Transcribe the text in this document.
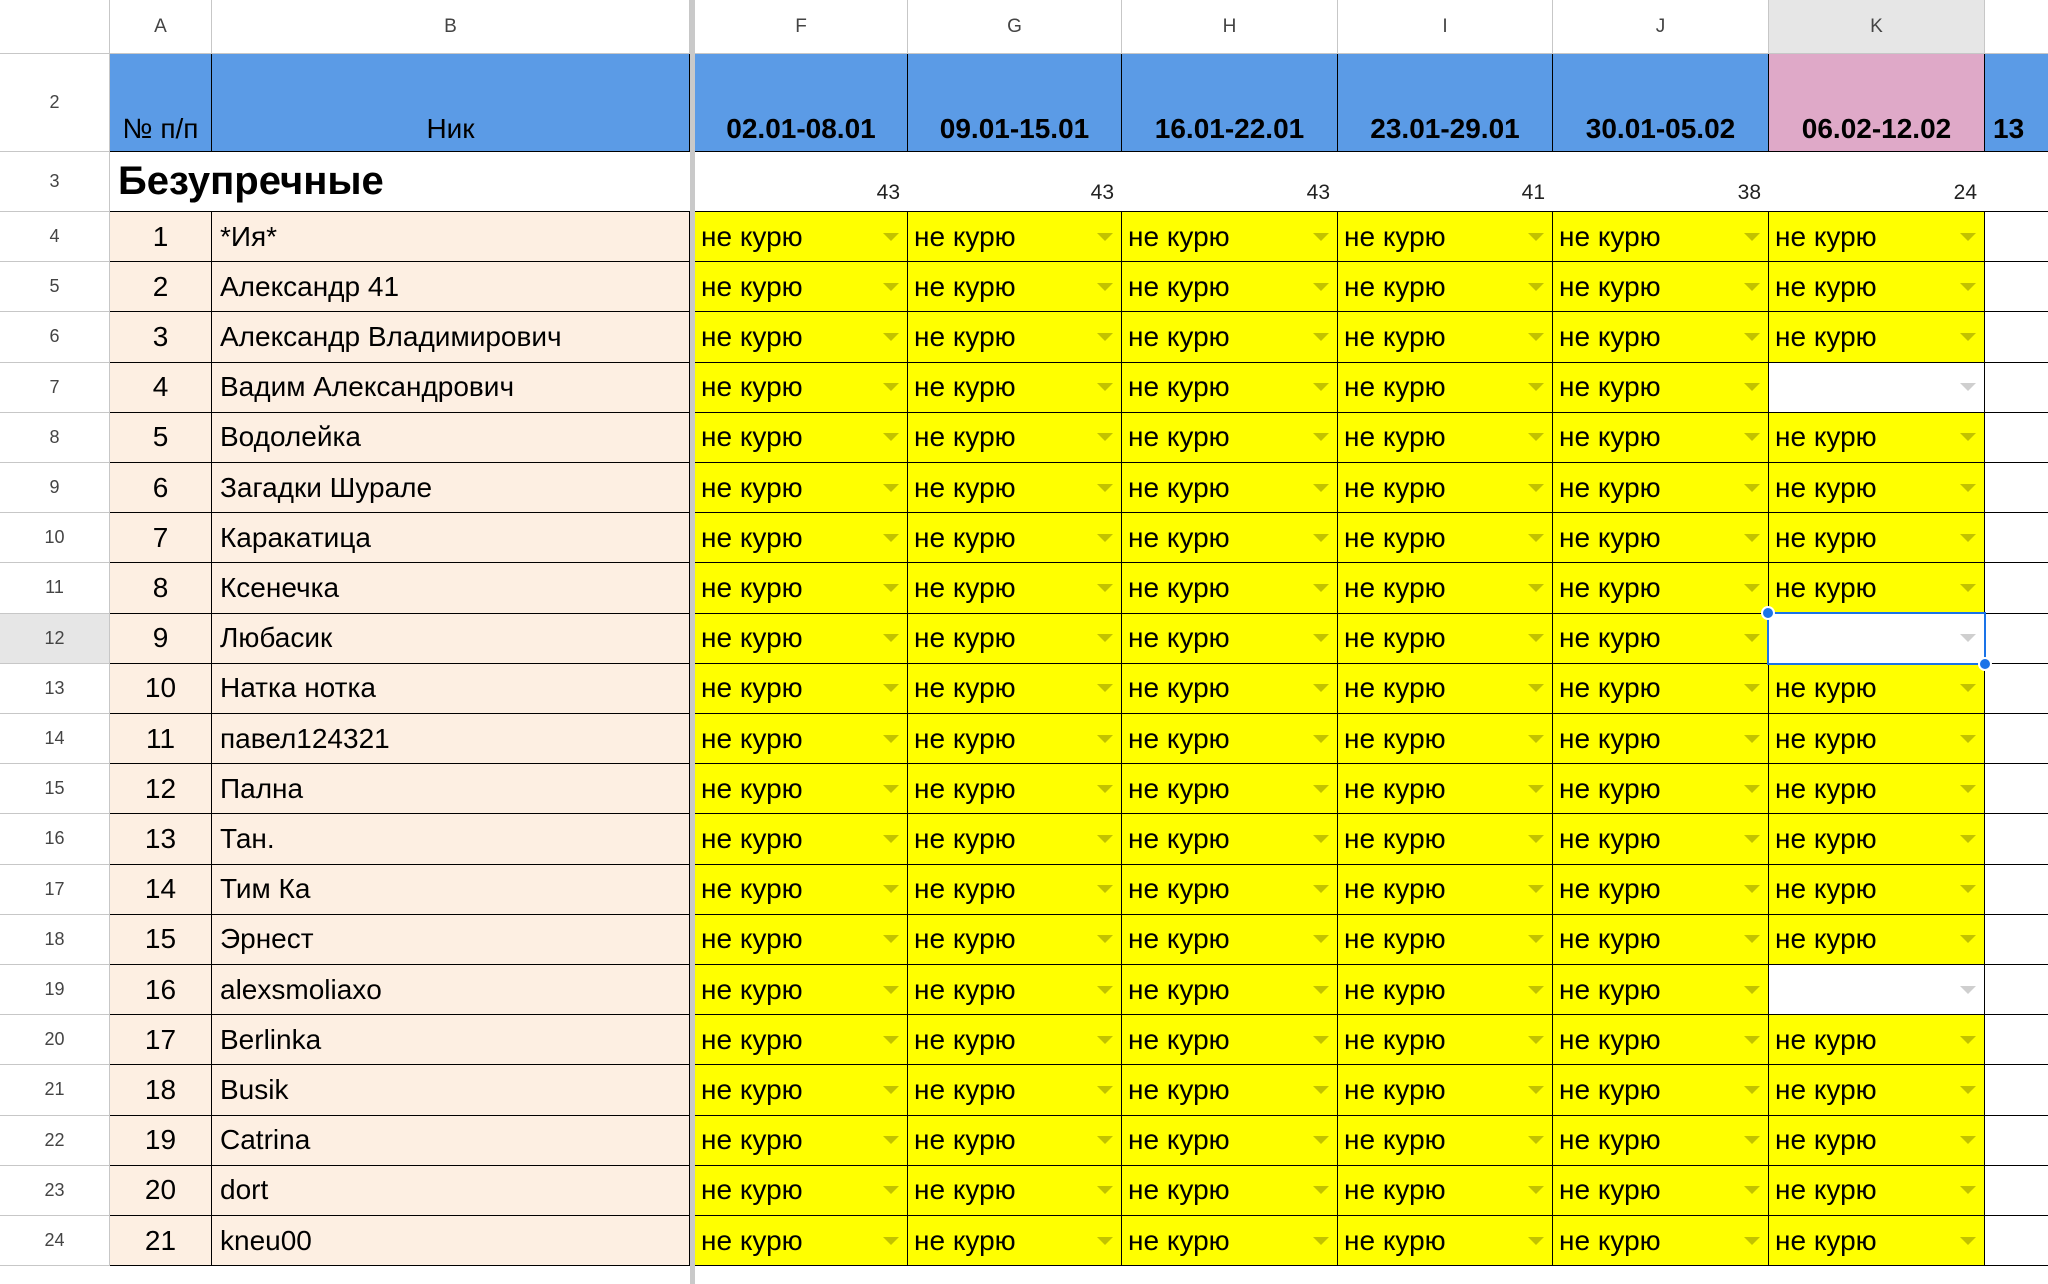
A	B	F	G	H	I	J	K
2
№ п/п	Ник	02.01-08.01	09.01-15.01	16.01-22.01	23.01-29.01	30.01-05.02	06.02-12.02	13
3	Безупречные	43	43	43	41	38	24
4	1	*Ия*	не курю	не курю	не курю	не курю	не курю	не курю
5	2	Александр 41	не курю	не курю	не курю	не курю	не курю	не курю
6	3	Александр Владимирович	не курю	не курю	не курю	не курю	не курю	не курю
7	4	Вадим Александрович	не курю	не курю	не курю	не курю	не курю
8	5	Водолейка	не курю	не курю	не курю	не курю	не курю	не курю
9	6	Загадки Шурале	не курю	не курю	не курю	не курю	не курю	не курю
10	7	Каракатица	не курю	не курю	не курю	не курю	не курю	не курю
11	8	Ксенечка	не курю	не курю	не курю	не курю	не курю	не курю
12	9	Любасик	не курю	не курю	не курю	не курю	не курю
13	10	Натка нотка	не курю	не курю	не курю	не курю	не курю	не курю
14	11	павел124321	не курю	не курю	не курю	не курю	не курю	не курю
15	12	Пална	не курю	не курю	не курю	не курю	не курю	не курю
16	13	Тан.	не курю	не курю	не курю	не курю	не курю	не курю
17	14	Тим Ка	не курю	не курю	не курю	не курю	не курю	не курю
18	15	Эрнест	не курю	не курю	не курю	не курю	не курю	не курю
19	16	alexsmoliaxo	не курю	не курю	не курю	не курю	не курю
20	17	Berlinka	не курю	не курю	не курю	не курю	не курю	не курю
21	18	Busik	не курю	не курю	не курю	не курю	не курю	не курю
22	19	Catrina	не курю	не курю	не курю	не курю	не курю	не курю
23	20	dort	не курю	не курю	не курю	не курю	не курю	не курю
24	21	kneu00	не курю	не курю	не курю	не курю	не курю	не курю
